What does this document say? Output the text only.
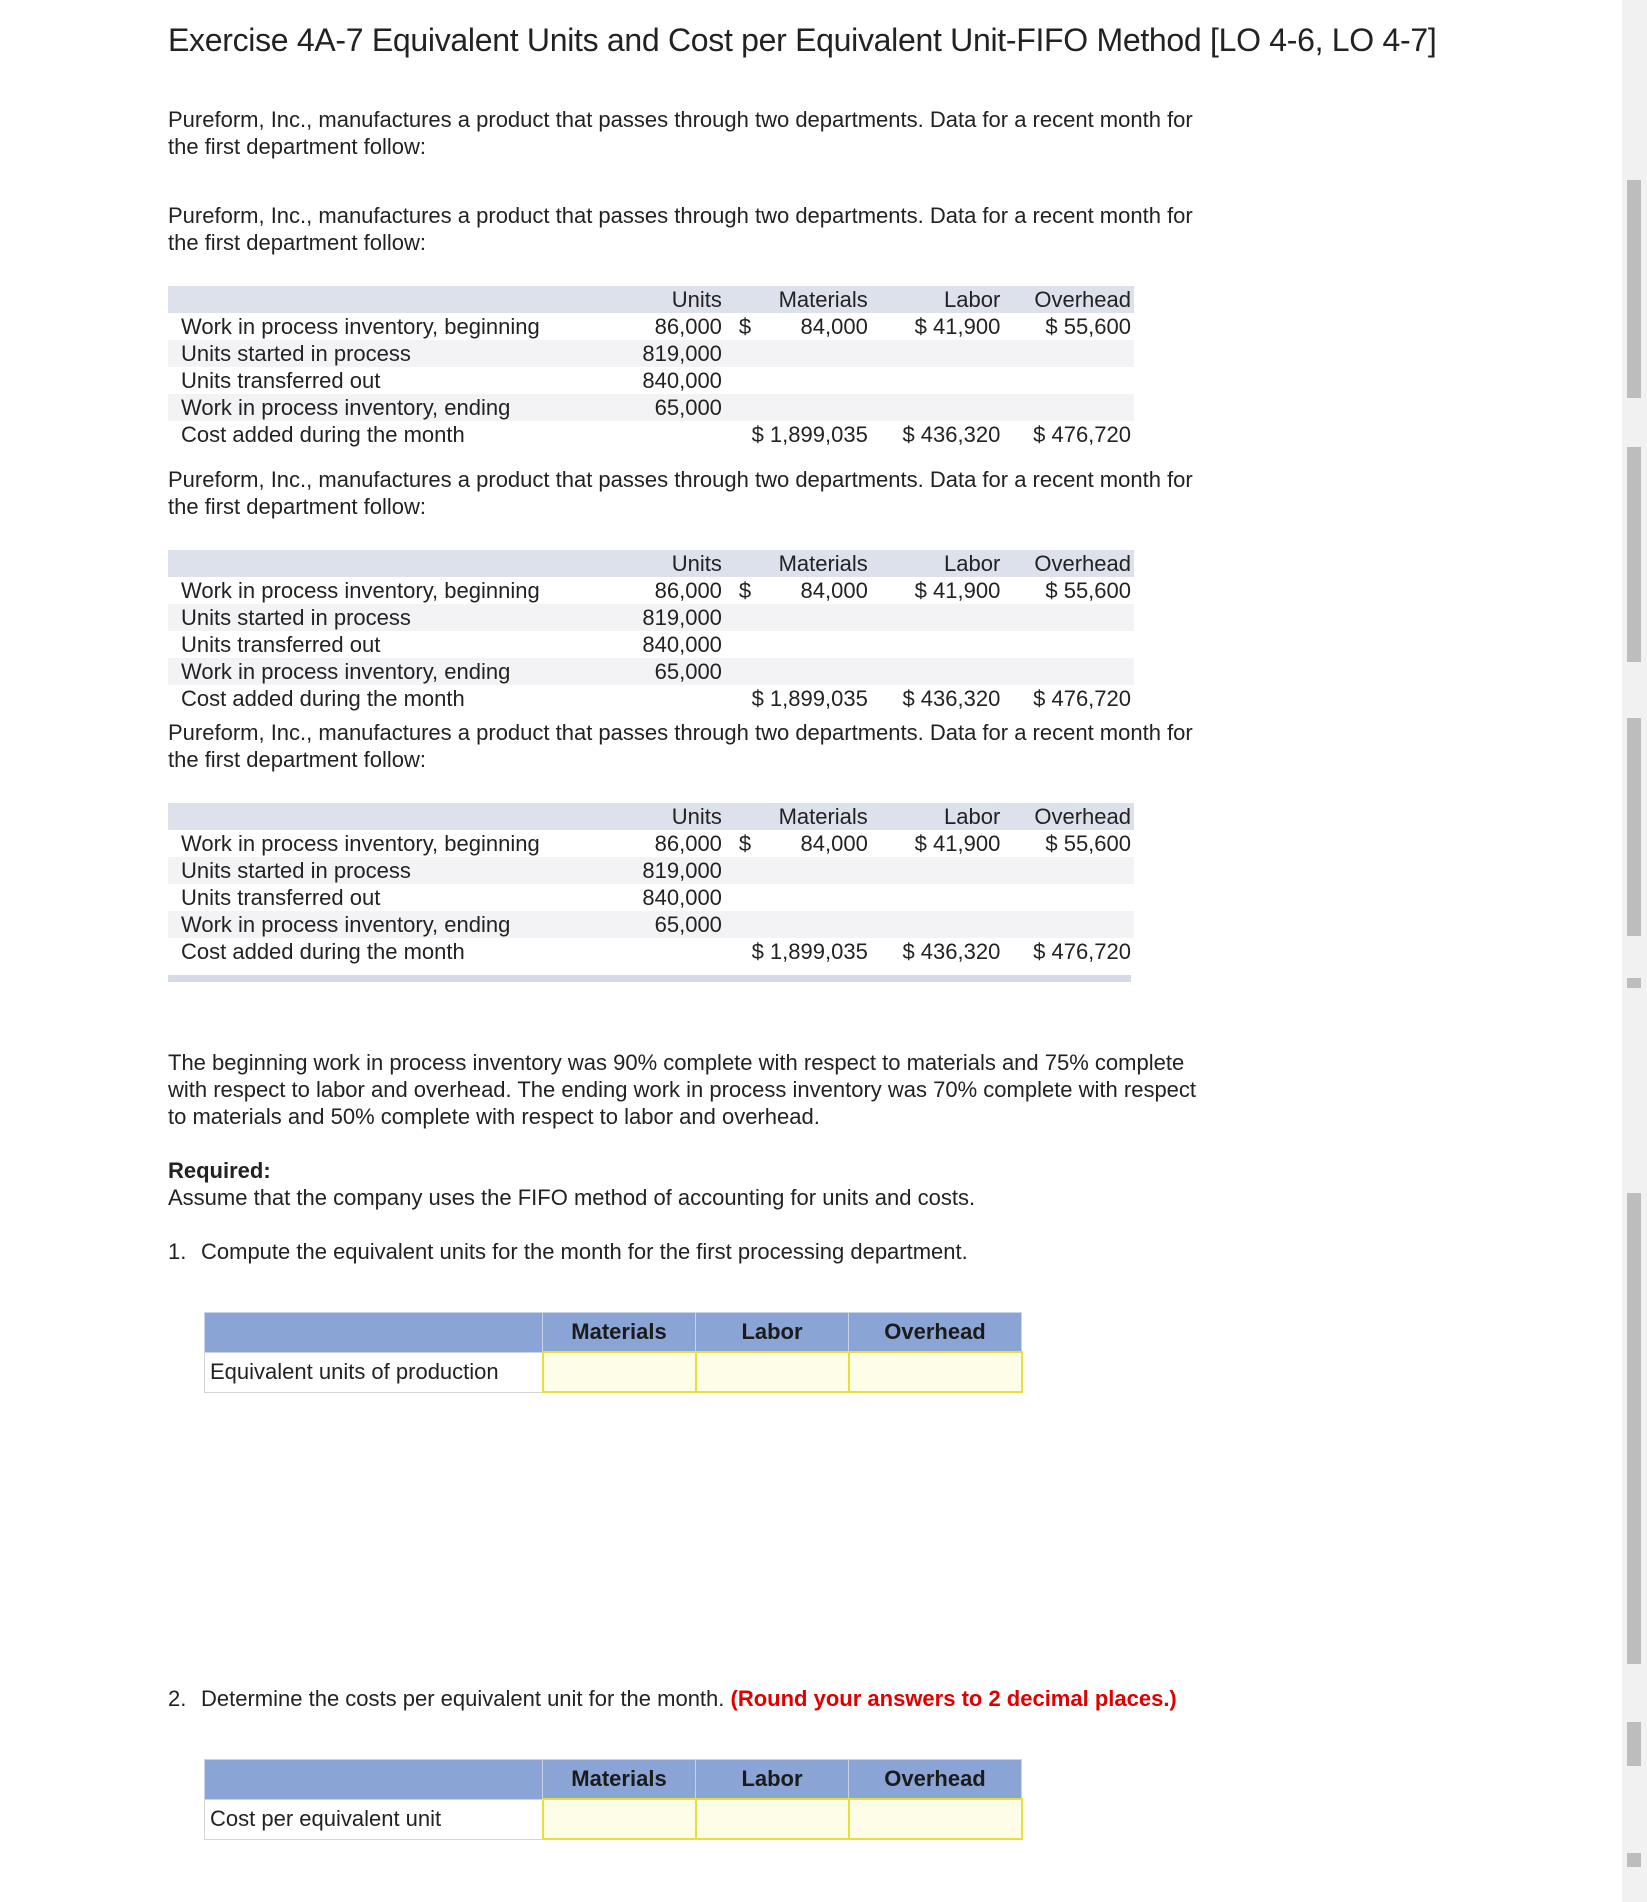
Exercise 4A-7 Equivalent Units and Cost per Equivalent Unit-FIFO Method [LO 4-6, LO 4-7]
Pureform, Inc., manufactures a product that passes through two departments. Data for a recent month for

the first department follow:
Pureform, Inc., manufactures a product that passes through two departments. Data for a recent month for

the first department follow:
	Units	Materials	Labor	Overhead
Work in process inventory, beginning	86,000	$ 84,000	$ 41,900	$ 55,600
Units started in process	819,000			
Units transferred out	840,000			
Work in process inventory, ending	65,000			
Cost added during the month		$ 1,899,035	$ 436,320	$ 476,720
Pureform, Inc., manufactures a product that passes through two departments. Data for a recent month for

the first department follow:
	Units	Materials	Labor	Overhead
Work in process inventory, beginning	86,000	$ 84,000	$ 41,900	$ 55,600
Units started in process	819,000			
Units transferred out	840,000			
Work in process inventory, ending	65,000			
Cost added during the month		$ 1,899,035	$ 436,320	$ 476,720
Pureform, Inc., manufactures a product that passes through two departments. Data for a recent month for

the first department follow:
	Units	Materials	Labor	Overhead
Work in process inventory, beginning	86,000	$ 84,000	$ 41,900	$ 55,600
Units started in process	819,000			
Units transferred out	840,000			
Work in process inventory, ending	65,000			
Cost added during the month		$ 1,899,035	$ 436,320	$ 476,720
The beginning work in process inventory was 90% complete with respect to materials and 75% complete
with respect to labor and overhead. The ending work in process inventory was 70% complete with respect

to materials and 50% complete with respect to labor and overhead.
Required:
Assume that the company uses the FIFO method of accounting for units and costs.
1. Compute the equivalent units for the month for the first processing department.
	Materials	Labor	Overhead
Equivalent units of production			
2. Determine the costs per equivalent unit for the month. (Round your answers to 2 decimal places.)
	Materials	Labor	Overhead
Cost per equivalent unit			
